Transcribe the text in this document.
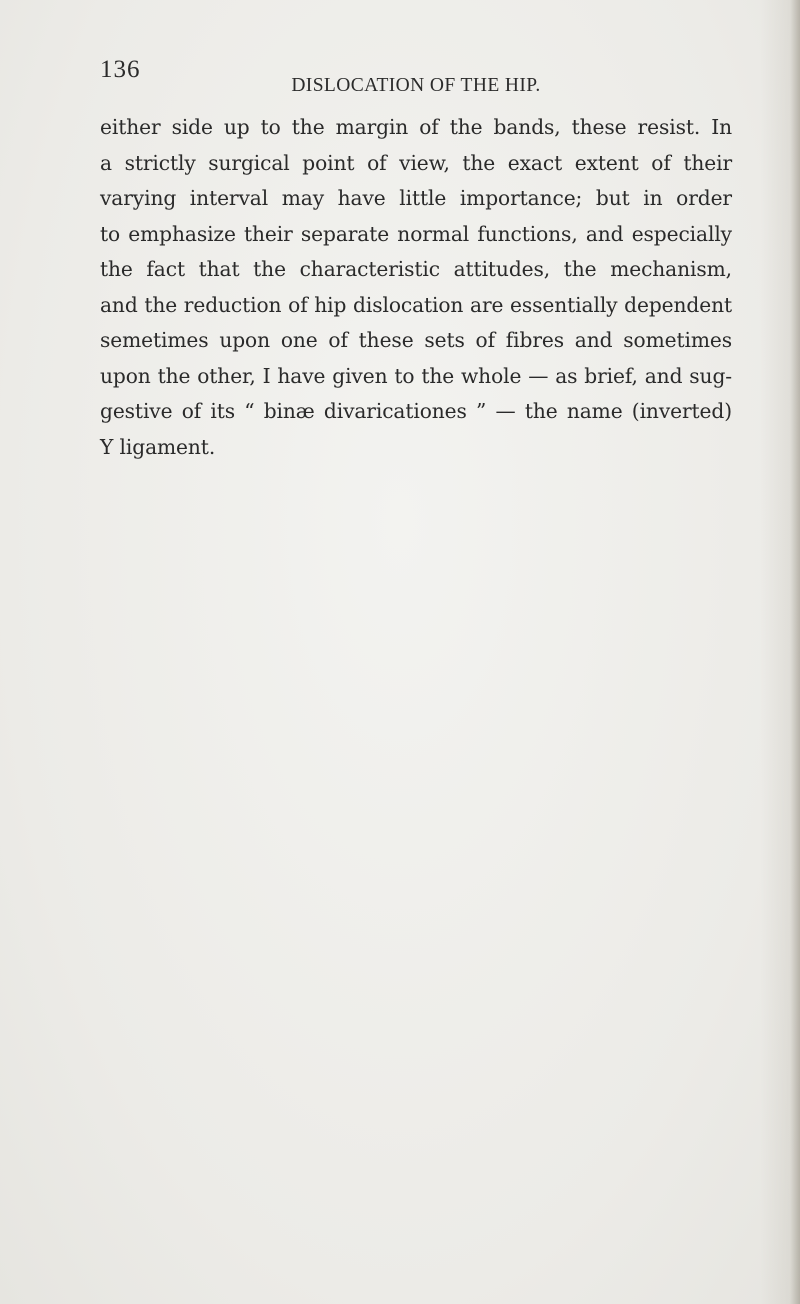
136
DISLOCATION OF THE HIP.
either side up to the margin of the bands, these resist. In
a strictly surgical point of view, the exact extent of their
varying interval may have little importance; but in order
to emphasize their separate normal functions, and especially
the fact that the characteristic attitudes, the mechanism,
and the reduction of hip dislocation are essentially dependent
semetimes upon one of these sets of fibres and sometimes
upon the other, I have given to the whole — as brief, and sug-
gestive of its “ binæ divaricationes ” — the name (inverted)
Y ligament.
